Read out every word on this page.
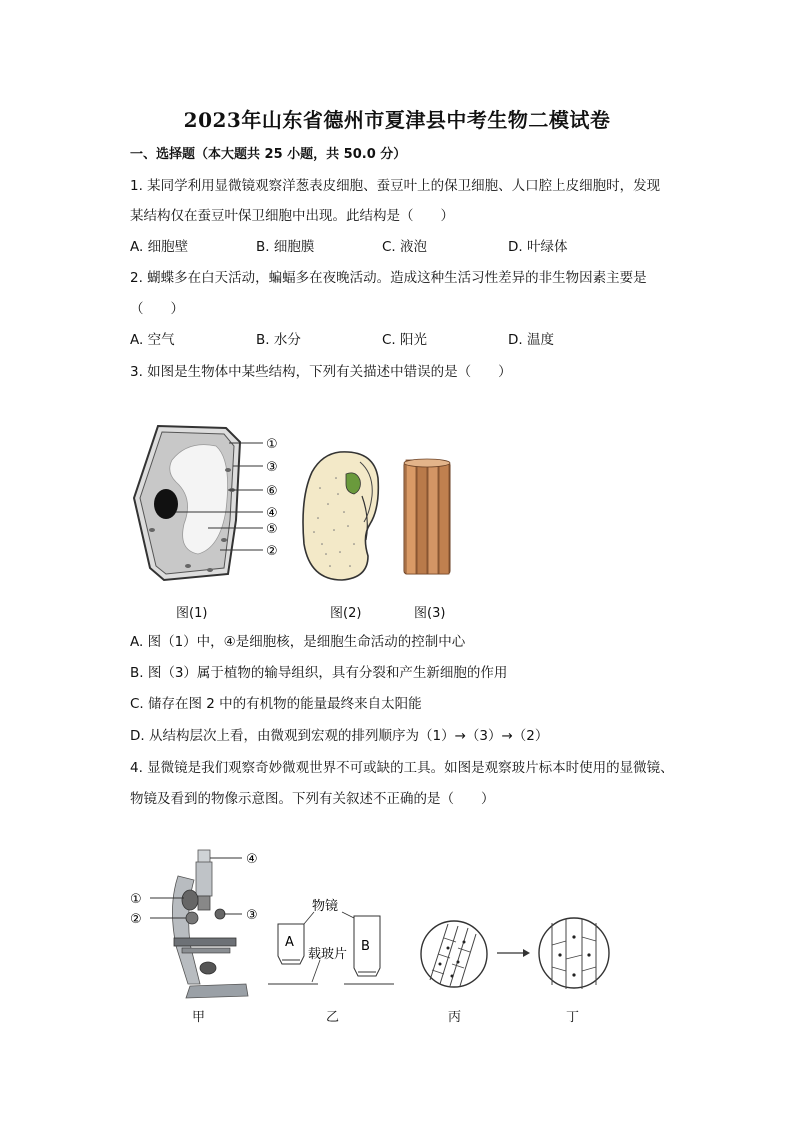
2023年山东省德州市夏津县中考生物二模试卷
一、选择题（本大题共 25 小题，共 50.0 分）
1. 某同学利用显微镜观察洋葱表皮细胞、蚕豆叶上的保卫细胞、人口腔上皮细胞时，发现
某结构仅在蚕豆叶保卫细胞中出现。此结构是（　　）
A. 细胞壁	B. 细胞膜	C. 液泡	D. 叶绿体
2. 蝴蝶多在白天活动，蝙蝠多在夜晚活动。造成这种生活习性差异的非生物因素主要是
（　　）
A. 空气	B. 水分	C. 阳光	D. 温度
3. 如图是生物体中某些结构，下列有关描述中错误的是（　　）
①
③
⑥
④
⑤
②
图(1)	图(2)	图(3)
A. 图（1）中，④是细胞核，是细胞生命活动的控制中心
B. 图（3）属于植物的输导组织，具有分裂和产生新细胞的作用
C. 储存在图 2 中的有机物的能量最终来自太阳能
D. 从结构层次上看，由微观到宏观的排列顺序为（1）→（3）→（2）
4. 显微镜是我们观察奇妙微观世界不可或缺的工具。如图是观察玻片标本时使用的显微镜、
物镜及看到的物像示意图。下列有关叙述不正确的是（　　）
④
①
②	③
物镜
载玻片
A	B
甲	乙	丙	丁
